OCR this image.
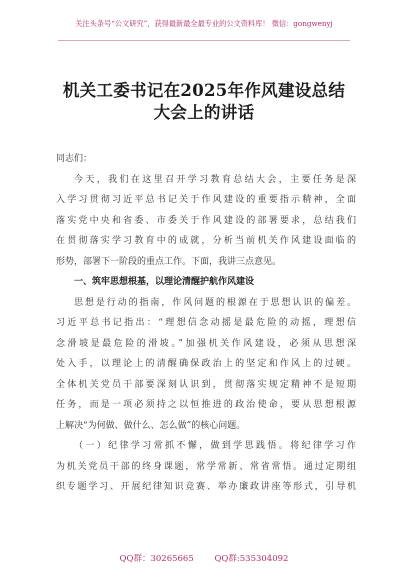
关注头条号“公文研究”，获得最新最全最专业的公文资料库！ 微信：gongwenyj
机关工委书记在2025年作风建设总结
大会上的讲话
同志们：
今天，我们在这里召开学习教育总结大会，主要任务是深
入学习贯彻习近平总书记关于作风建设的重要指示精神，全面
落实党中央和省委、市委关于作风建设的部署要求，总结我们
在贯彻落实学习教育中的成就，分析当前机关作风建设面临的
形势，部署下一阶段的重点工作。下面，我讲三点意见。
一、筑牢思想根基，以理论清醒护航作风建设
思想是行动的指南，作风问题的根源在于思想认识的偏差。
习近平总书记指出：“理想信念动摇是最危险的动摇，理想信
念滑坡是最危险的滑坡。”加强机关作风建设，必须从思想深
处入手，以理论上的清醒确保政治上的坚定和作风上的过硬。
全体机关党员干部要深刻认识到，贯彻落实规定精神不是短期
任务，而是一项必须持之以恒推进的政治使命，要从思想根源
上解决“为何做、做什么、怎么做”的核心问题。
（一）纪律学习常抓不懈，做到学思践悟。将纪律学习作
为机关党员干部的终身课题，常学常新、常省常悟。通过定期组
织专题学习、开展纪律知识竞赛、举办廉政讲座等形式，引导机
QQ群：30265665 QQ群:535304092
